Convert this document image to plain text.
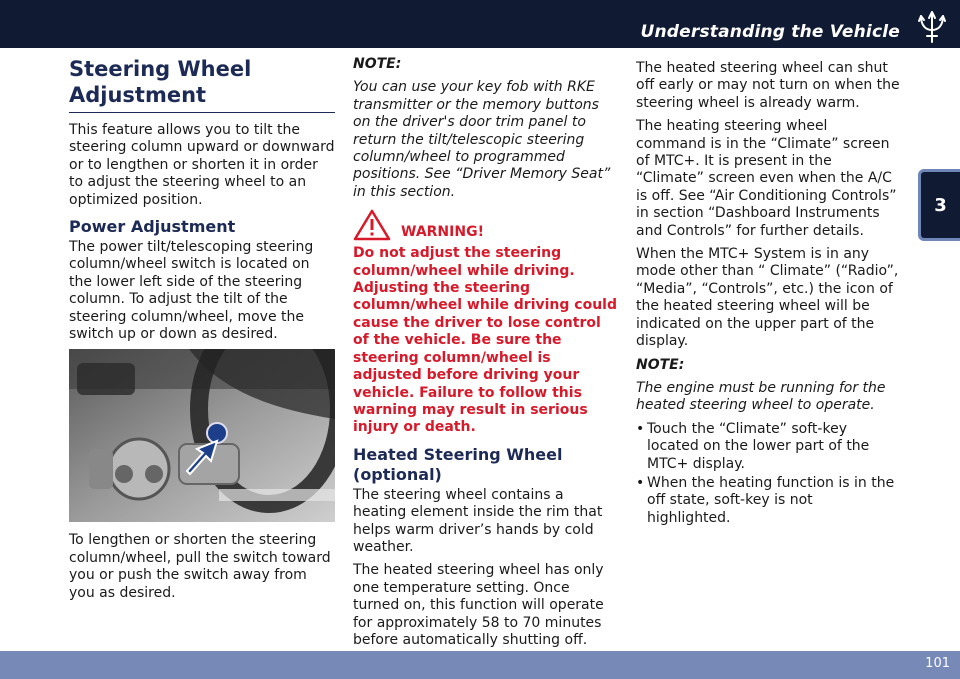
Understanding the Vehicle
3
Steering Wheel Adjustment

This feature allows you to tilt the steering column upward or downward or to lengthen or shorten it in order to adjust the steering wheel to an optimized position.

Power Adjustment

The power tilt/telescoping steering column/wheel switch is located on the lower left side of the steering column. To adjust the tilt of the steering column/wheel, move the switch up or down as desired.

To lengthen or shorten the steering column/wheel, pull the switch toward you or push the switch away from you as desired.

NOTE:

You can use your key fob with RKE transmitter or the memory buttons on the driver's door trim panel to return the tilt/telescopic steering column/wheel to programmed positions. See “Driver Memory Seat” in this section.

WARNING!

Do not adjust the steering column/wheel while driving. Adjusting the steering column/wheel while driving could cause the driver to lose control of the vehicle. Be sure the steering column/wheel is adjusted before driving your vehicle. Failure to follow this warning may result in serious injury or death.

Heated Steering Wheel (optional)

The steering wheel contains a heating element inside the rim that helps warm driver’s hands by cold weather.

The heated steering wheel has only one temperature setting. Once turned on, this function will operate for approximately 58 to 70 minutes before automatically shutting off.

The heated steering wheel can shut off early or may not turn on when the steering wheel is already warm.

The heating steering wheel command is in the “Climate” screen of MTC+. It is present in the “Climate” screen even when the A/C is off. See “Air Conditioning Controls” in section “Dashboard Instruments and Controls” for further details.

When the MTC+ System is in any mode other than “ Climate” (“Radio”, “Media”, “Controls”, etc.) the icon of the heated steering wheel will be indicated on the upper part of the display.

NOTE:

The engine must be running for the heated steering wheel to operate.

• Touch the “Climate” soft-key located on the lower part of the MTC+ display.
• When the heating function is in the off state, soft-key is not highlighted.
101
